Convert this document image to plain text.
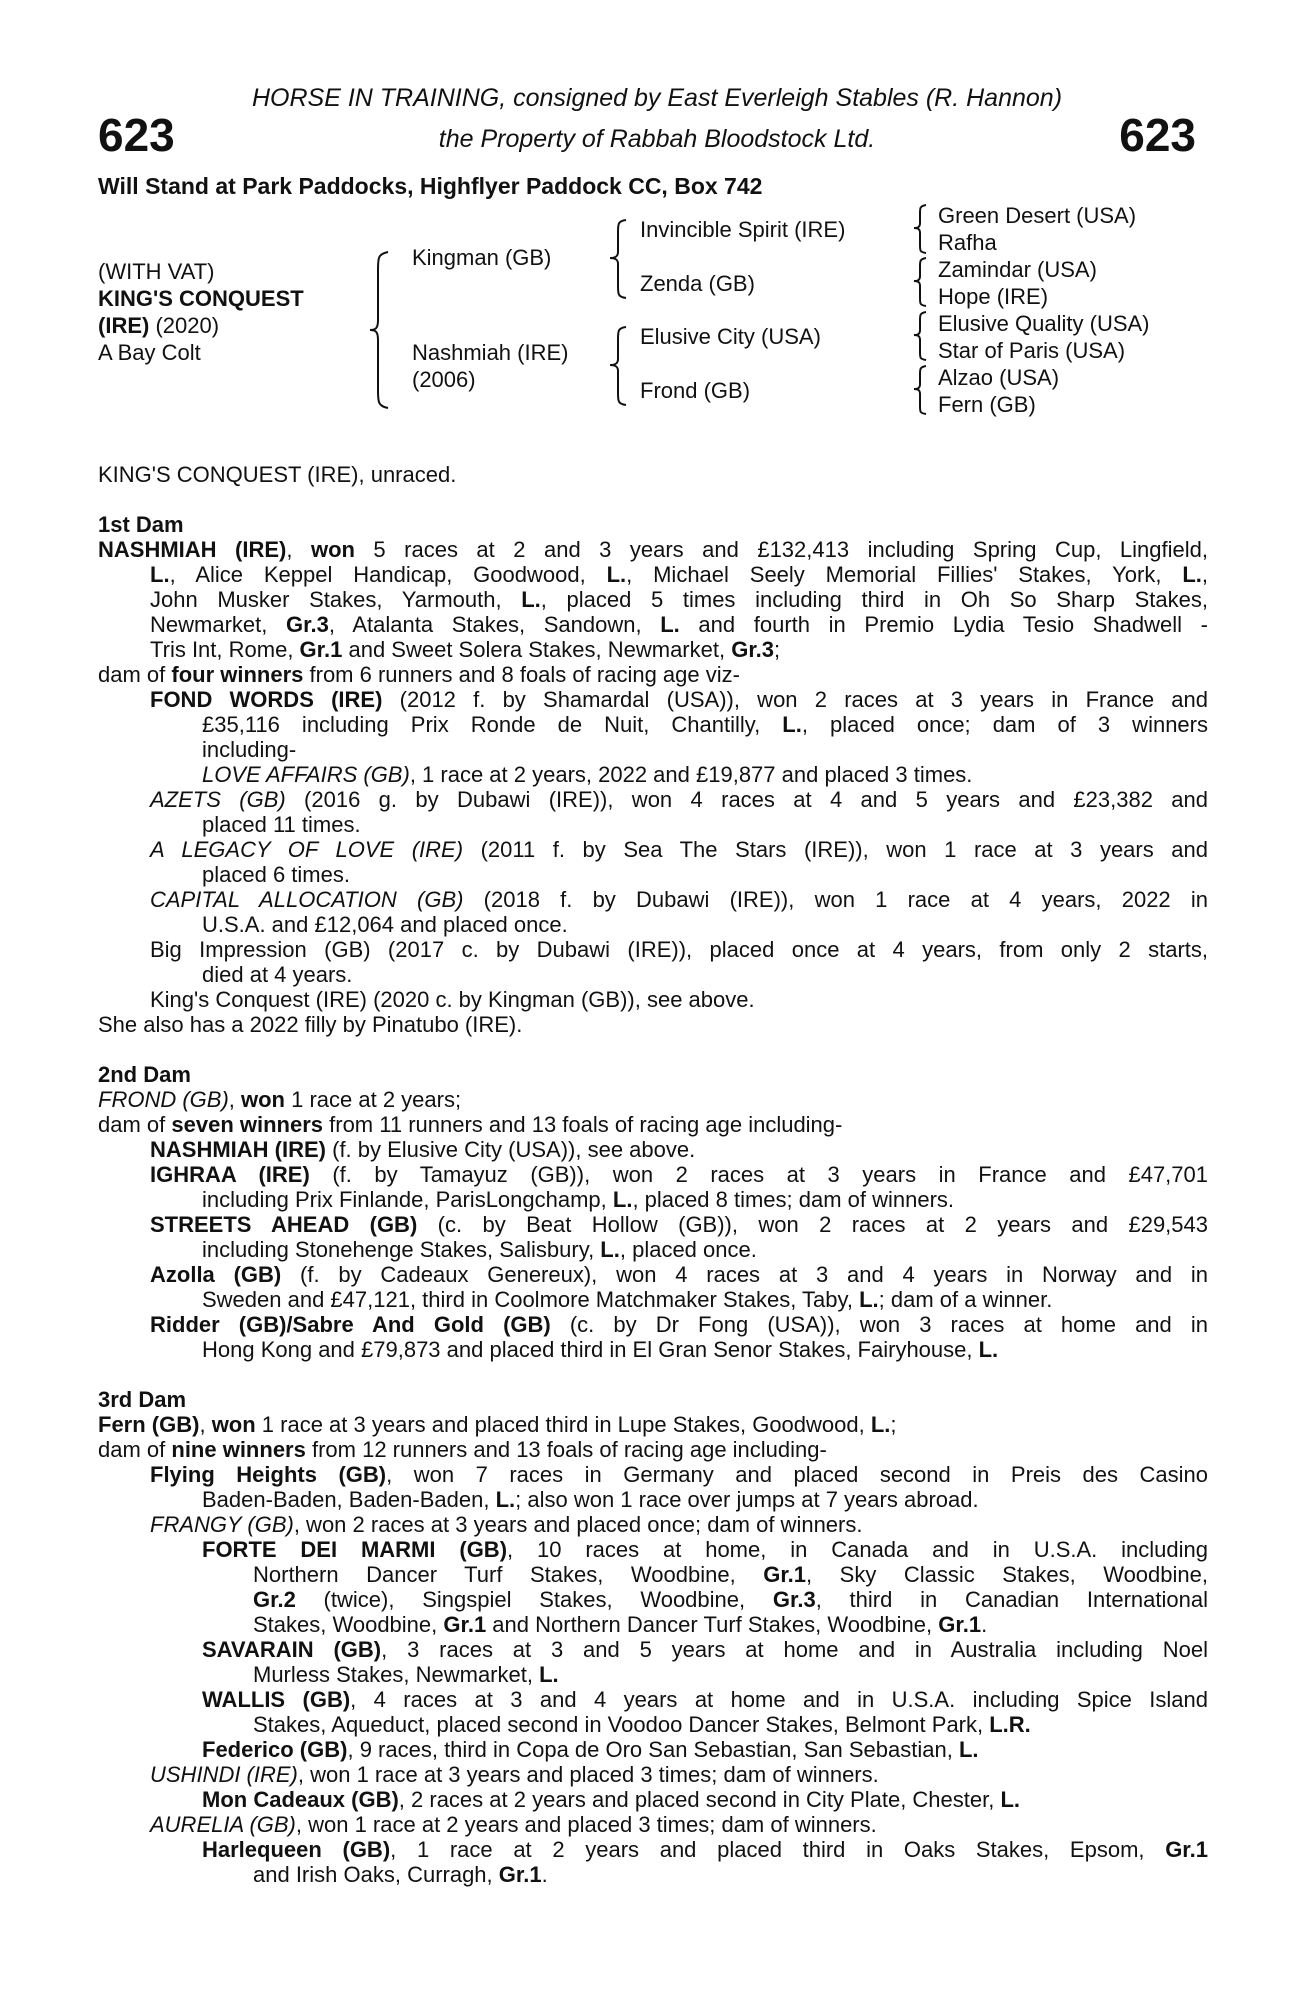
623	623
HORSE IN TRAINING, consigned by East Everleigh Stables (R. Hannon)
the Property of Rabbah Bloodstock Ltd.
Will Stand at Park Paddocks, Highflyer Paddock CC, Box 742
(WITH VAT)
KING'S CONQUEST
(IRE) (2020)
A Bay Colt
Kingman (GB)
Nashmiah (IRE)
(2006)
Invincible Spirit (IRE)
Zenda (GB)
Elusive City (USA)
Frond (GB)
Green Desert (USA)
Rafha
Zamindar (USA)
Hope (IRE)
Elusive Quality (USA)
Star of Paris (USA)
Alzao (USA)
Fern (GB)
KING'S CONQUEST (IRE), unraced.
1st Dam
NASHMIAH (IRE), won 5 races at 2 and 3 years and £132,413 including Spring Cup, Lingfield,
L., Alice Keppel Handicap, Goodwood, L., Michael Seely Memorial Fillies' Stakes, York, L.,
John Musker Stakes, Yarmouth, L., placed 5 times including third in Oh So Sharp Stakes,
Newmarket, Gr.3, Atalanta Stakes, Sandown, L. and fourth in Premio Lydia Tesio Shadwell -
Tris Int, Rome, Gr.1 and Sweet Solera Stakes, Newmarket, Gr.3;
dam of four winners from 6 runners and 8 foals of racing age viz-
FOND WORDS (IRE) (2012 f. by Shamardal (USA)), won 2 races at 3 years in France and
£35,116 including Prix Ronde de Nuit, Chantilly, L., placed once; dam of 3 winners
including-
LOVE AFFAIRS (GB), 1 race at 2 years, 2022 and £19,877 and placed 3 times.
AZETS (GB) (2016 g. by Dubawi (IRE)), won 4 races at 4 and 5 years and £23,382 and
placed 11 times.
A LEGACY OF LOVE (IRE) (2011 f. by Sea The Stars (IRE)), won 1 race at 3 years and
placed 6 times.
CAPITAL ALLOCATION (GB) (2018 f. by Dubawi (IRE)), won 1 race at 4 years, 2022 in
U.S.A. and £12,064 and placed once.
Big Impression (GB) (2017 c. by Dubawi (IRE)), placed once at 4 years, from only 2 starts,
died at 4 years.
King's Conquest (IRE) (2020 c. by Kingman (GB)), see above.
She also has a 2022 filly by Pinatubo (IRE).
2nd Dam
FROND (GB), won 1 race at 2 years;
dam of seven winners from 11 runners and 13 foals of racing age including-
NASHMIAH (IRE) (f. by Elusive City (USA)), see above.
IGHRAA (IRE) (f. by Tamayuz (GB)), won 2 races at 3 years in France and £47,701
including Prix Finlande, ParisLongchamp, L., placed 8 times; dam of winners.
STREETS AHEAD (GB) (c. by Beat Hollow (GB)), won 2 races at 2 years and £29,543
including Stonehenge Stakes, Salisbury, L., placed once.
Azolla (GB) (f. by Cadeaux Genereux), won 4 races at 3 and 4 years in Norway and in
Sweden and £47,121, third in Coolmore Matchmaker Stakes, Taby, L.; dam of a winner.
Ridder (GB)/Sabre And Gold (GB) (c. by Dr Fong (USA)), won 3 races at home and in
Hong Kong and £79,873 and placed third in El Gran Senor Stakes, Fairyhouse, L.
3rd Dam
Fern (GB), won 1 race at 3 years and placed third in Lupe Stakes, Goodwood, L.;
dam of nine winners from 12 runners and 13 foals of racing age including-
Flying Heights (GB), won 7 races in Germany and placed second in Preis des Casino
Baden-Baden, Baden-Baden, L.; also won 1 race over jumps at 7 years abroad.
FRANGY (GB), won 2 races at 3 years and placed once; dam of winners.
FORTE DEI MARMI (GB), 10 races at home, in Canada and in U.S.A. including
Northern Dancer Turf Stakes, Woodbine, Gr.1, Sky Classic Stakes, Woodbine,
Gr.2 (twice), Singspiel Stakes, Woodbine, Gr.3, third in Canadian International
Stakes, Woodbine, Gr.1 and Northern Dancer Turf Stakes, Woodbine, Gr.1.
SAVARAIN (GB), 3 races at 3 and 5 years at home and in Australia including Noel
Murless Stakes, Newmarket, L.
WALLIS (GB), 4 races at 3 and 4 years at home and in U.S.A. including Spice Island
Stakes, Aqueduct, placed second in Voodoo Dancer Stakes, Belmont Park, L.R.
Federico (GB), 9 races, third in Copa de Oro San Sebastian, San Sebastian, L.
USHINDI (IRE), won 1 race at 3 years and placed 3 times; dam of winners.
Mon Cadeaux (GB), 2 races at 2 years and placed second in City Plate, Chester, L.
AURELIA (GB), won 1 race at 2 years and placed 3 times; dam of winners.
Harlequeen (GB), 1 race at 2 years and placed third in Oaks Stakes, Epsom, Gr.1
and Irish Oaks, Curragh, Gr.1.
